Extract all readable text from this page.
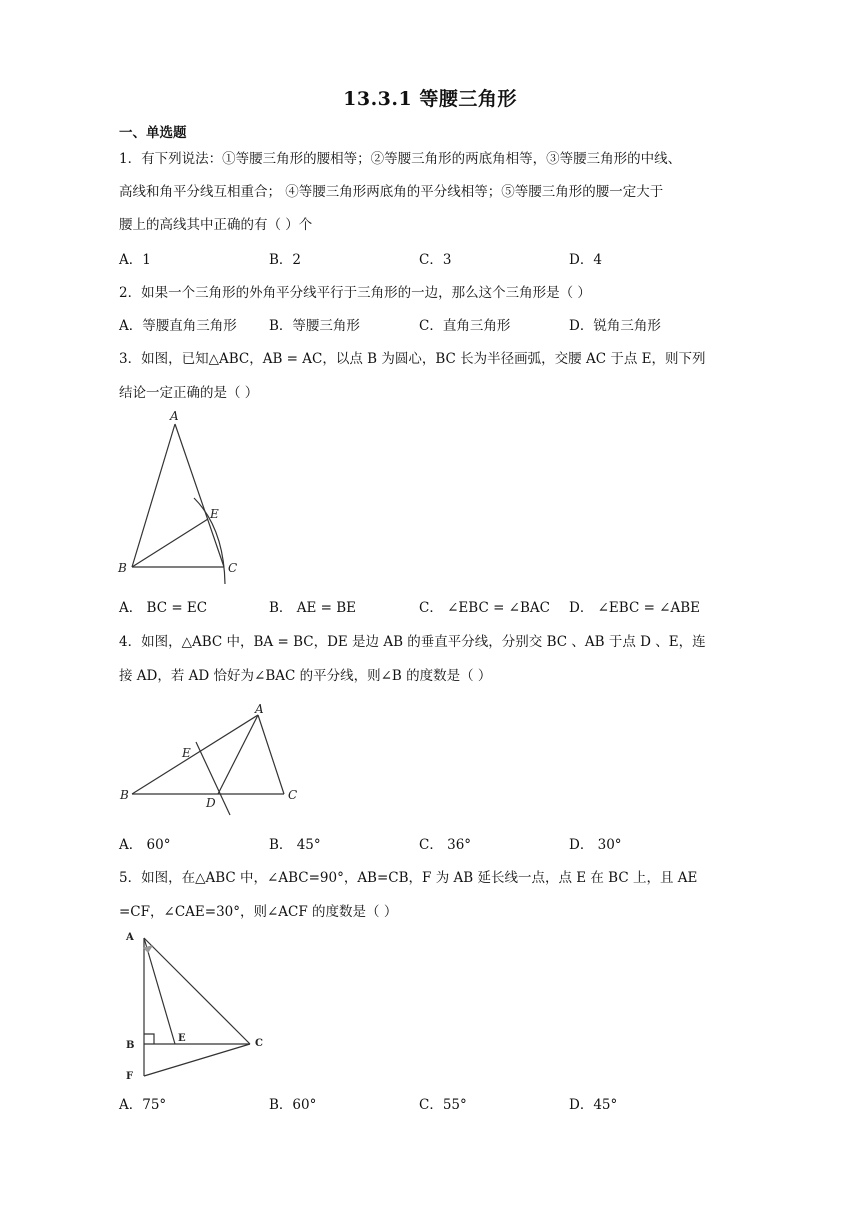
13.3.1 等腰三角形
一、单选题
1．有下列说法：①等腰三角形的腰相等；②等腰三角形的两底角相等，③等腰三角形的中线、
高线和角平分线互相重合； ④等腰三角形两底角的平分线相等；⑤等腰三角形的腰一定大于
腰上的高线其中正确的有（ ）个
A．1	B．2	C．3	D．4
2．如果一个三角形的外角平分线平行于三角形的一边，那么这个三角形是（ ）
A．等腰直角三角形 B．等腰三角形	C．直角三角形	D．锐角三角形
3．如图，已知△ABC，AB = AC，以点 B 为圆心，BC 长为半径画弧，交腰 AC 于点 E，则下列
结论一定正确的是（ ）
A
E
B	C
A． BC = EC	B． AE = BE	C． ∠EBC = ∠BAC D． ∠EBC = ∠ABE
4．如图，△ABC 中，BA = BC，DE 是边 AB 的垂直平分线，分别交 BC 、AB 于点 D 、E，连
接 AD，若 AD 恰好为∠BAC 的平分线，则∠B 的度数是（ ）
A
E
B
D
C
A． 60°	B． 45°	C． 36°	D． 30°
5．如图，在△ABC 中，∠ABC=90°，AB=CB，F 为 AB 延长线一点，点 E 在 BC 上，且 AE
=CF，∠CAE=30°，则∠ACF 的度数是（ ）
A
B
E	C
F
A．75°	B．60°	C．55°	D．45°
